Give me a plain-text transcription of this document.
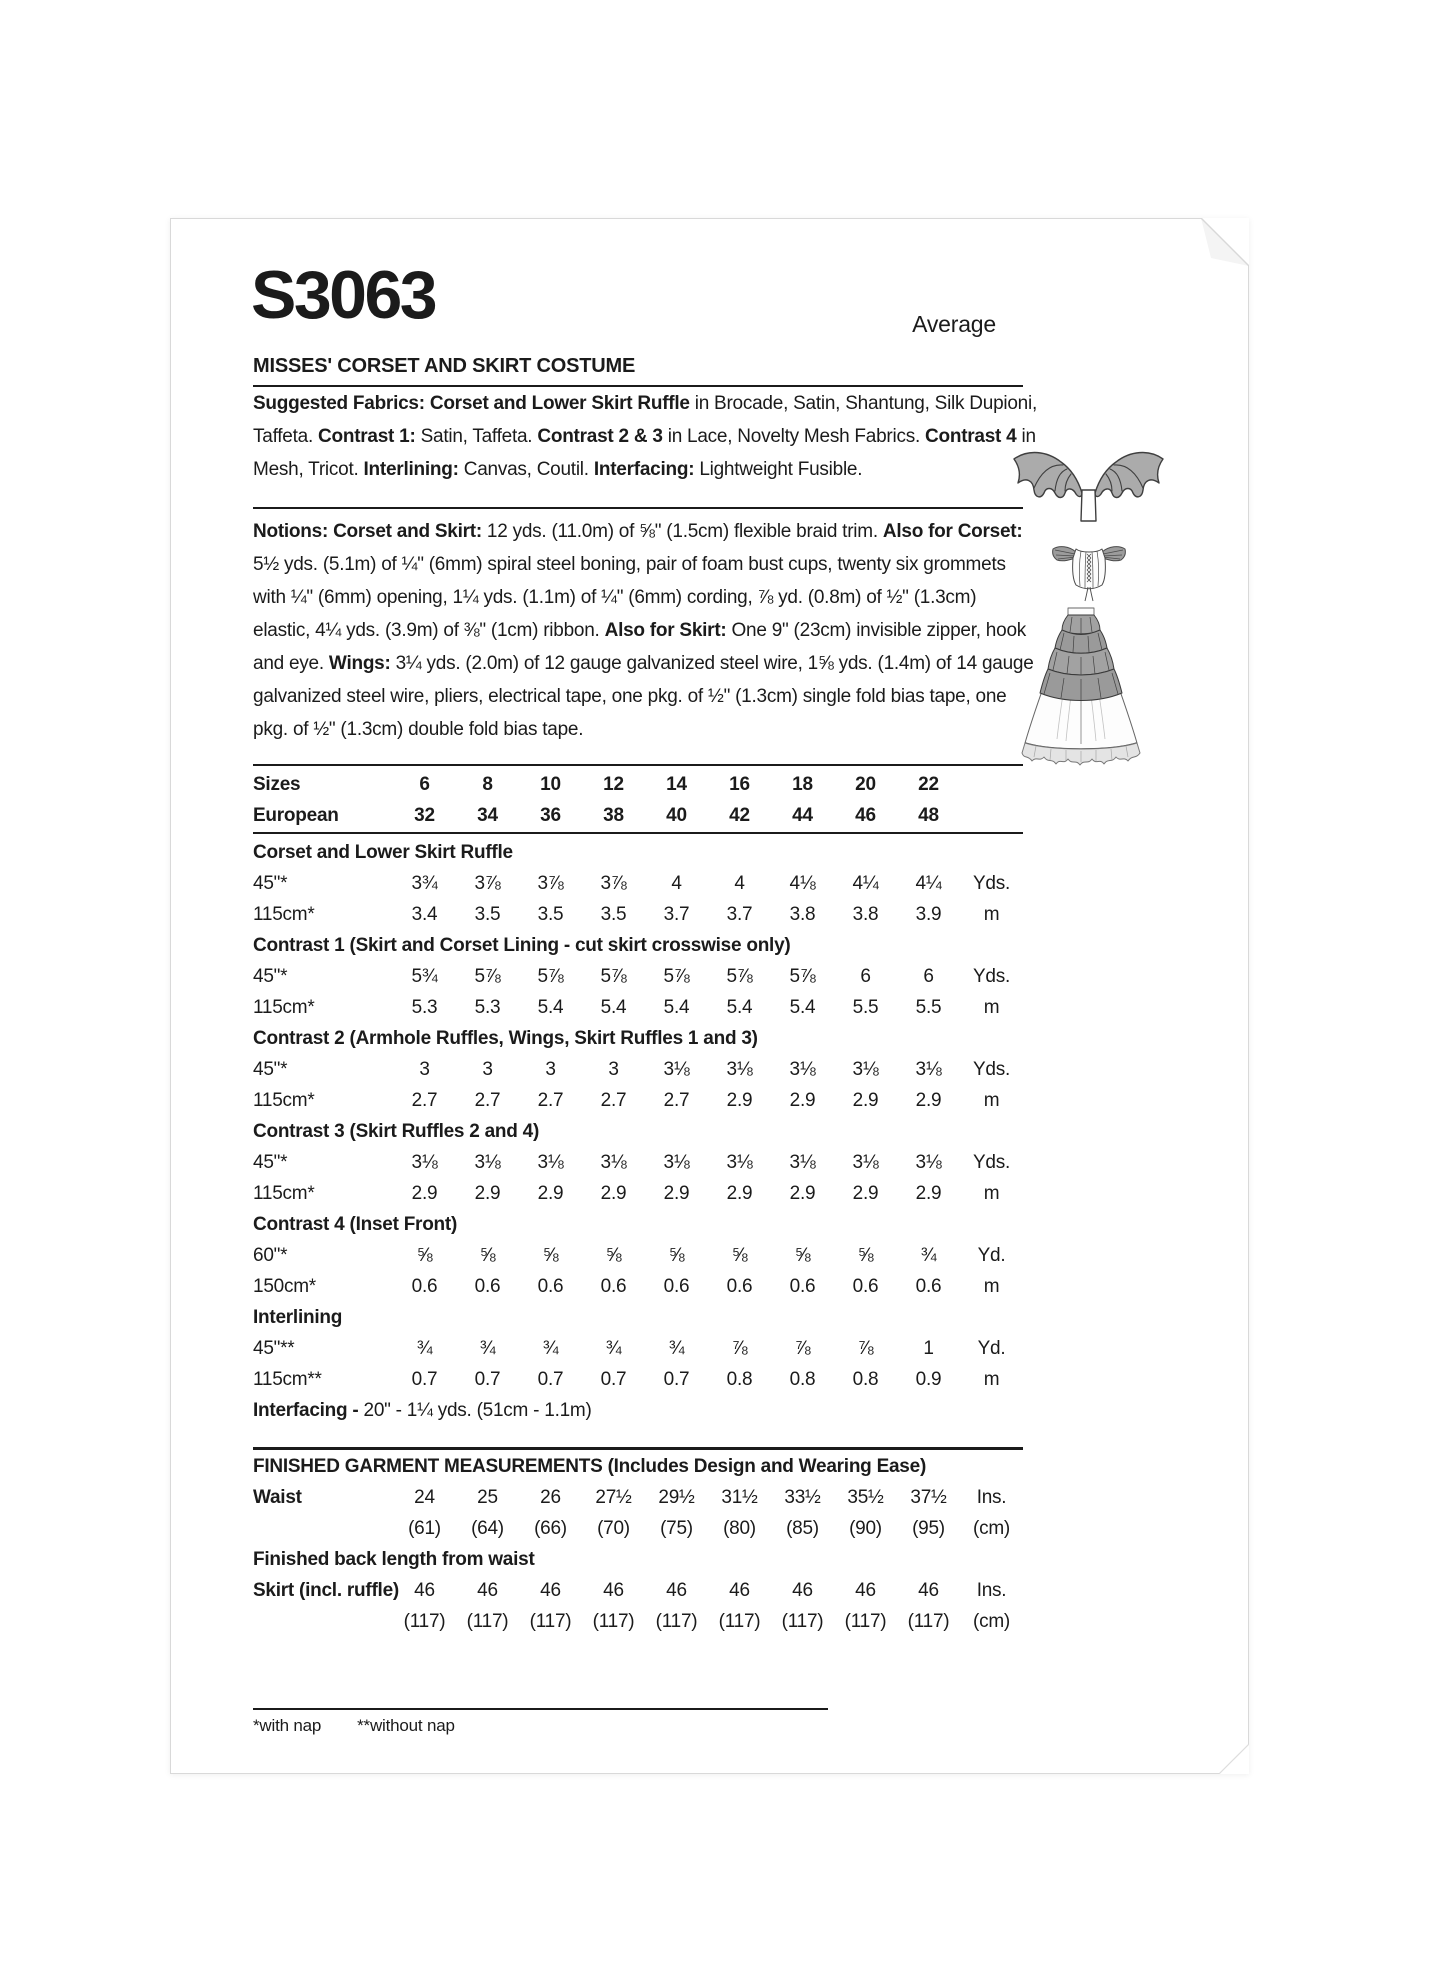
S3063	Average
MISSES' CORSET AND SKIRT COSTUME
Suggested Fabrics: Corset and Lower Skirt Ruffle in Brocade, Satin, Shantung, Silk Dupioni,
Taffeta. Contrast 1: Satin, Taffeta. Contrast 2 & 3 in Lace, Novelty Mesh Fabrics. Contrast 4 in
Mesh, Tricot. Interlining: Canvas, Coutil. Interfacing: Lightweight Fusible.
Notions: Corset and Skirt: 12 yds. (11.0m) of ⅝" (1.5cm) flexible braid trim. Also for Corset:
5½ yds. (5.1m) of ¼" (6mm) spiral steel boning, pair of foam bust cups, twenty six grommets
with ¼" (6mm) opening, 1¼ yds. (1.1m) of ¼" (6mm) cording, ⅞ yd. (0.8m) of ½" (1.3cm)
elastic, 4¼ yds. (3.9m) of ⅜" (1cm) ribbon. Also for Skirt: One 9" (23cm) invisible zipper, hook
and eye. Wings: 3¼ yds. (2.0m) of 12 gauge galvanized steel wire, 1⅝ yds. (1.4m) of 14 gauge
galvanized steel wire, pliers, electrical tape, one pkg. of ½" (1.3cm) single fold bias tape, one
pkg. of ½" (1.3cm) double fold bias tape.
Sizes	6	8	10	12	14	16	18	20	22
European	32	34	36	38	40	42	44	46	48
Corset and Lower Skirt Ruffle
45"*	3¾	3⅞	3⅞	3⅞	4	4	4⅛	4¼	4¼	Yds.
115cm*	3.4	3.5	3.5	3.5	3.7	3.7	3.8	3.8	3.9	m
Contrast 1 (Skirt and Corset Lining - cut skirt crosswise only)
45"*	5¾	5⅞	5⅞	5⅞	5⅞	5⅞	5⅞	6	6	Yds.
115cm*	5.3	5.3	5.4	5.4	5.4	5.4	5.4	5.5	5.5	m
Contrast 2 (Armhole Ruffles, Wings, Skirt Ruffles 1 and 3)
45"*	3	3	3	3	3⅛	3⅛	3⅛	3⅛	3⅛	Yds.
115cm*	2.7	2.7	2.7	2.7	2.7	2.9	2.9	2.9	2.9	m
Contrast 3 (Skirt Ruffles 2 and 4)
45"*	3⅛	3⅛	3⅛	3⅛	3⅛	3⅛	3⅛	3⅛	3⅛	Yds.
115cm*	2.9	2.9	2.9	2.9	2.9	2.9	2.9	2.9	2.9	m
Contrast 4 (Inset Front)
60"*	⅝	⅝	⅝	⅝	⅝	⅝	⅝	⅝	¾	Yd.
150cm*	0.6	0.6	0.6	0.6	0.6	0.6	0.6	0.6	0.6	m
Interlining
45"**	¾	¾	¾	¾	¾	⅞	⅞	⅞	1	Yd.
115cm**	0.7	0.7	0.7	0.7	0.7	0.8	0.8	0.8	0.9	m
Interfacing - 20" - 1¼ yds. (51cm - 1.1m)
FINISHED GARMENT MEASUREMENTS (Includes Design and Wearing Ease)
Waist	24	25	26	27½	29½	31½	33½	35½	37½	Ins.
(61)	(64)	(66)	(70)	(75)	(80)	(85)	(90)	(95)	(cm)
Finished back length from waist
Skirt (incl. ruffle) 46	46	46	46	46	46	46	46	46	Ins.
(117)	(117)	(117)	(117)	(117)	(117)	(117)	(117)	(117)	(cm)
*with nap **without nap
